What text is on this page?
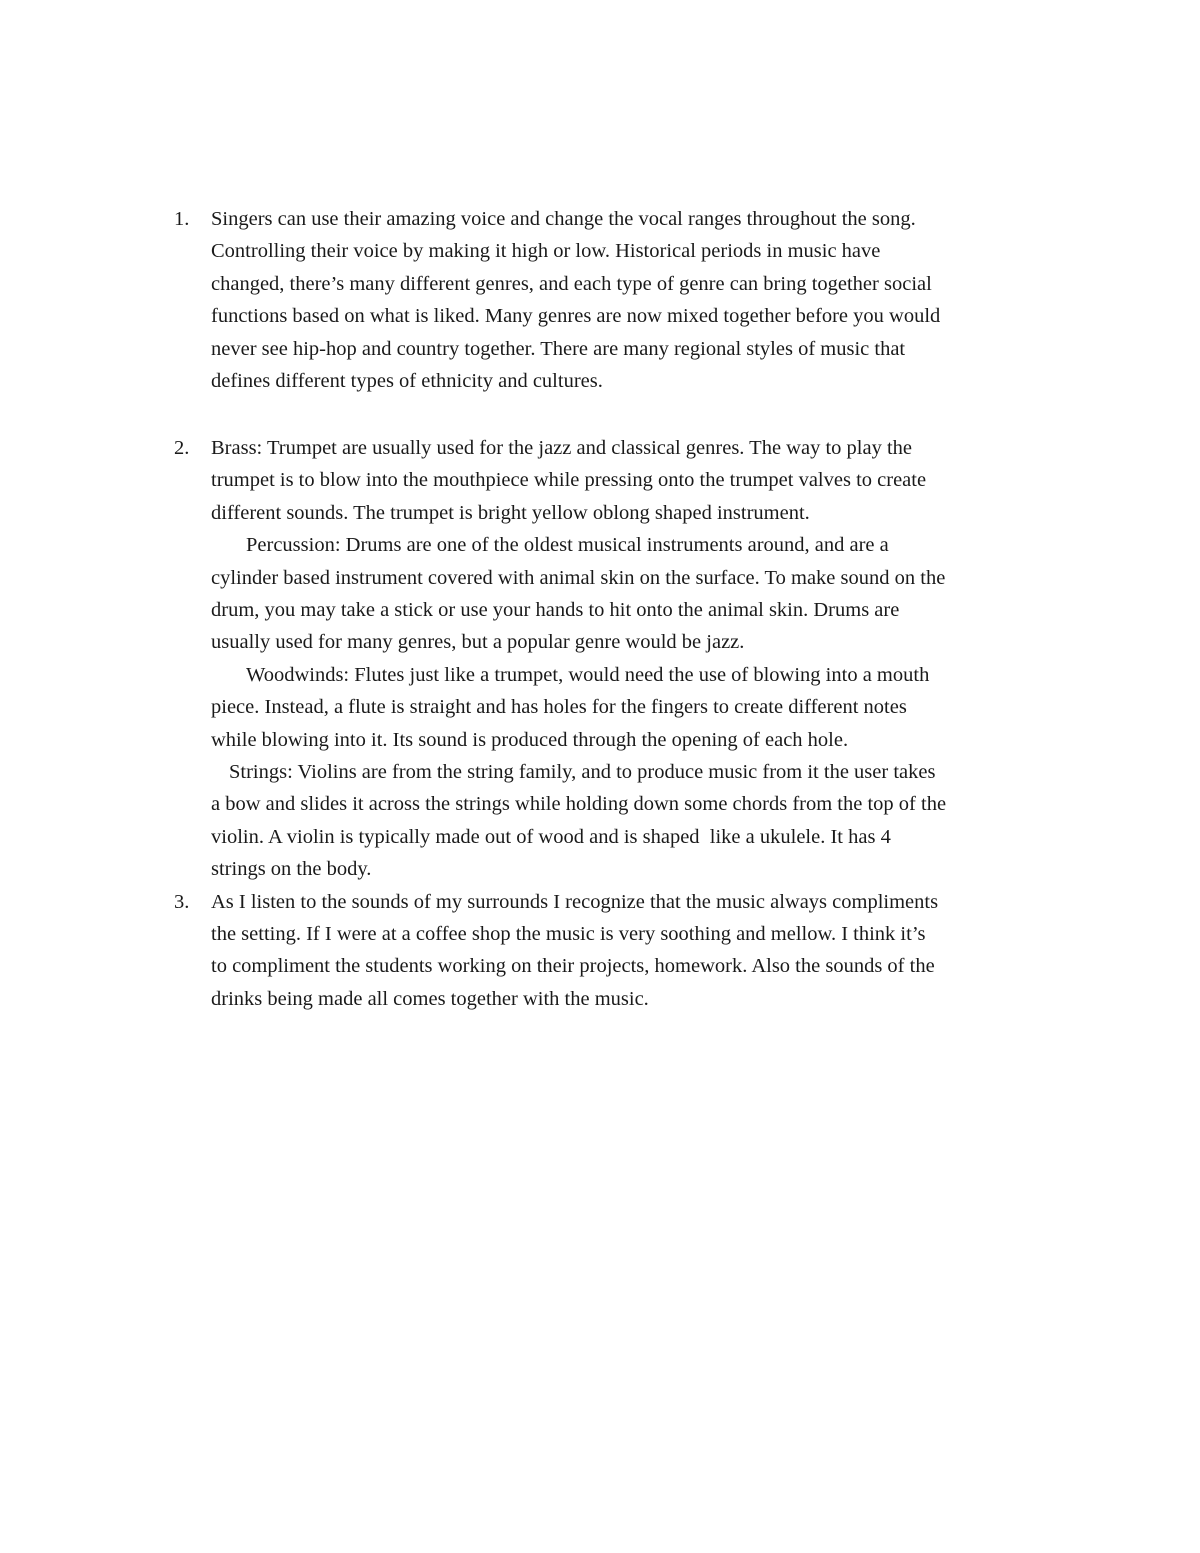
1. Singers can use their amazing voice and change the vocal ranges throughout the song.
Controlling their voice by making it high or low. Historical periods in music have
changed, there’s many different genres, and each type of genre can bring together social
functions based on what is liked. Many genres are now mixed together before you would
never see hip-hop and country together. There are many regional styles of music that
defines different types of ethnicity and cultures.
2. Brass: Trumpet are usually used for the jazz and classical genres. The way to play the
trumpet is to blow into the mouthpiece while pressing onto the trumpet valves to create
different sounds. The trumpet is bright yellow oblong shaped instrument.
Percussion: Drums are one of the oldest musical instruments around, and are a
cylinder based instrument covered with animal skin on the surface. To make sound on the
drum, you may take a stick or use your hands to hit onto the animal skin. Drums are
usually used for many genres, but a popular genre would be jazz.
Woodwinds: Flutes just like a trumpet, would need the use of blowing into a mouth
piece. Instead, a flute is straight and has holes for the fingers to create different notes
while blowing into it. Its sound is produced through the opening of each hole.
Strings: Violins are from the string family, and to produce music from it the user takes
a bow and slides it across the strings while holding down some chords from the top of the
violin. A violin is typically made out of wood and is shaped  like a ukulele. It has 4
strings on the body.
3. As I listen to the sounds of my surrounds I recognize that the music always compliments
the setting. If I were at a coffee shop the music is very soothing and mellow. I think it’s
to compliment the students working on their projects, homework. Also the sounds of the
drinks being made all comes together with the music.
